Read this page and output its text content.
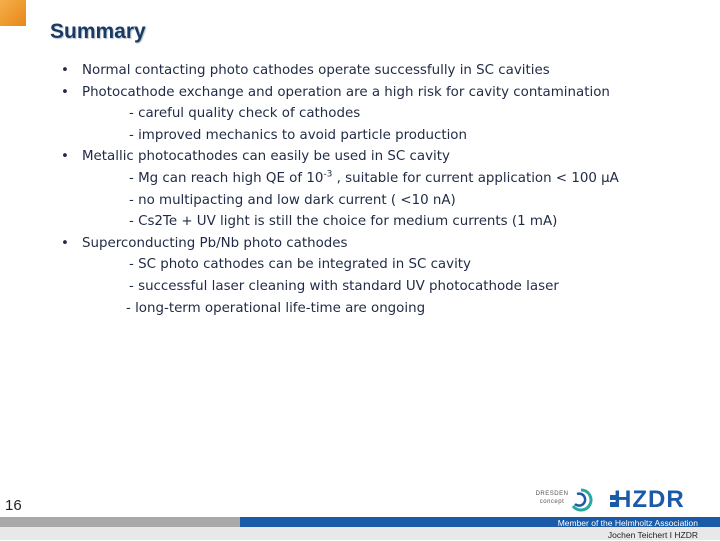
Summary
• Normal contacting photo cathodes operate successfully in SC cavities
• Photocathode exchange and operation are a high risk for cavity contamination
- careful quality check of cathodes
- improved mechanics to avoid particle production
• Metallic photocathodes can easily be used in SC cavity
- Mg can reach high QE of $10^{-3}$ , suitable for current application < 100 µA
- no multipacting and low dark current ( <10 nA)
- Cs2Te + UV light is still the choice for medium currents (1 mA)
• Superconducting Pb/Nb photo cathodes
- SC photo cathodes can be integrated in SC cavity
- successful laser cleaning with standard UV photocathode laser
- long-term operational life-time are ongoing
16
DRESDEN
concept HZDR
Member of the Helmholtz Association
Jochen Teichert I HZDR
